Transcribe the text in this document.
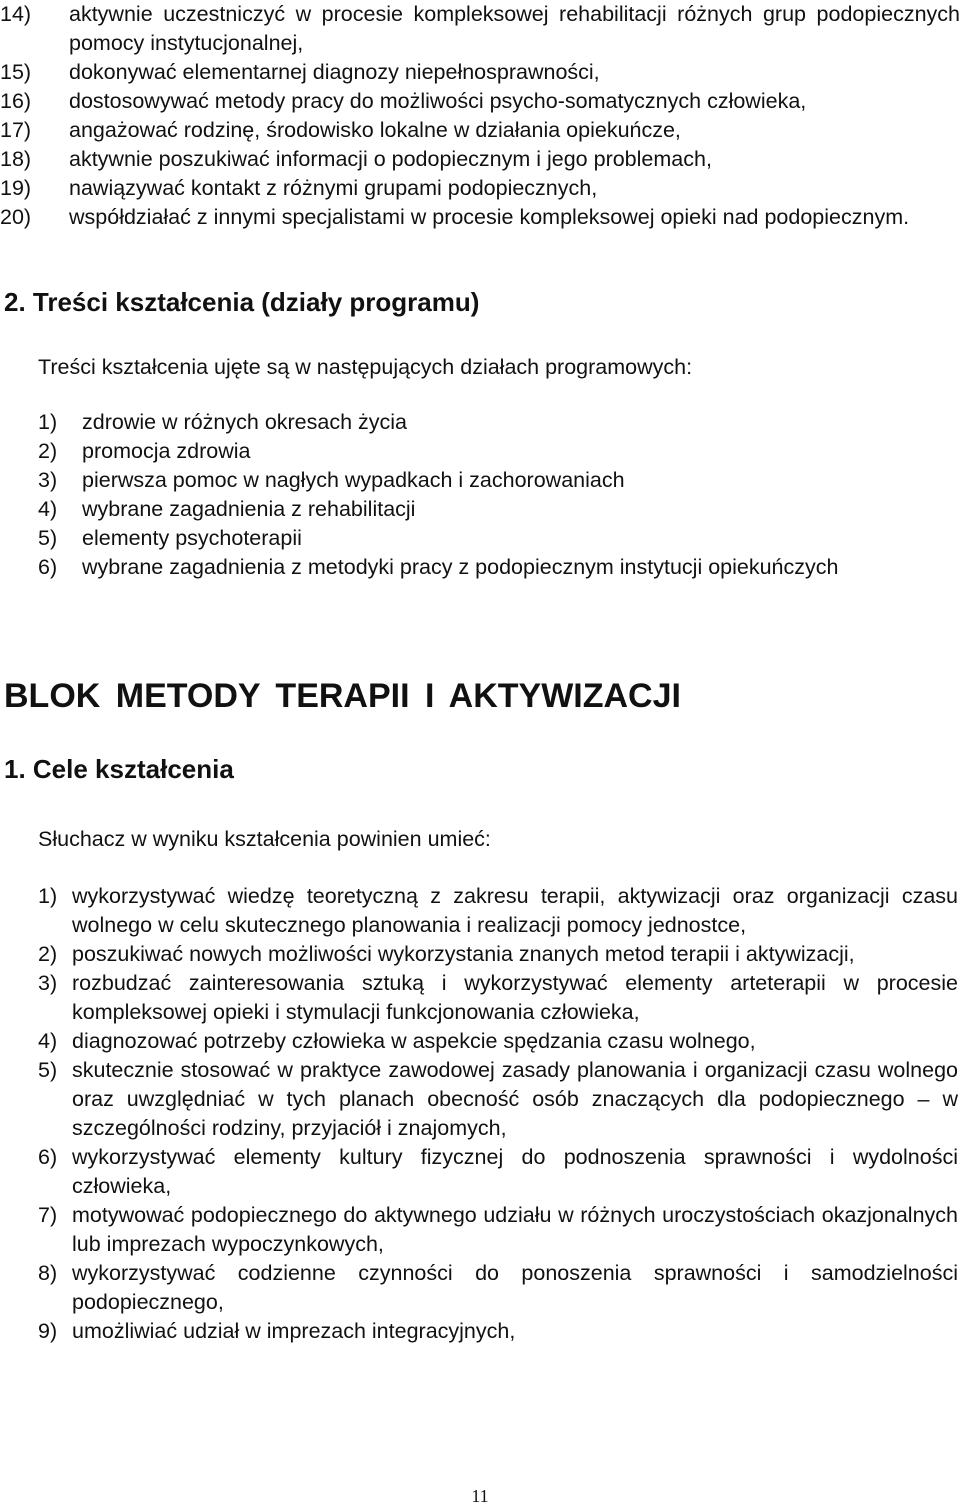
14) aktywnie uczestniczyć w procesie kompleksowej rehabilitacji różnych grup podopiecznych pomocy instytucjonalnej,
15) dokonywać elementarnej diagnozy niepełnosprawności,
16) dostosowywać metody pracy do możliwości psycho-somatycznych człowieka,
17) angażować rodzinę, środowisko lokalne w działania opiekuńcze,
18) aktywnie poszukiwać informacji o podopiecznym i jego problemach,
19) nawiązywać kontakt z różnymi grupami podopiecznych,
20) współdziałać z innymi specjalistami w procesie kompleksowej opieki nad podopiecznym.
2. Treści kształcenia (działy programu)
Treści kształcenia ujęte są w następujących działach programowych:
1) zdrowie w różnych okresach życia
2) promocja zdrowia
3) pierwsza pomoc w nagłych wypadkach i zachorowaniach
4) wybrane zagadnienia z rehabilitacji
5) elementy psychoterapii
6) wybrane zagadnienia z metodyki pracy z podopiecznym instytucji opiekuńczych
BLOK METODY TERAPII I AKTYWIZACJI
1. Cele kształcenia
Słuchacz w wyniku kształcenia powinien umieć:
1) wykorzystywać wiedzę teoretyczną z zakresu terapii, aktywizacji oraz organizacji czasu wolnego w celu skutecznego planowania i realizacji pomocy jednostce,
2) poszukiwać nowych możliwości wykorzystania znanych metod terapii i aktywizacji,
3) rozbudzać zainteresowania sztuką i wykorzystywać elementy arteterapii w procesie kompleksowej opieki i stymulacji funkcjonowania człowieka,
4) diagnozować potrzeby człowieka w aspekcie spędzania czasu wolnego,
5) skutecznie stosować w praktyce zawodowej zasady planowania i organizacji czasu wolnego oraz uwzględniać w tych planach obecność osób znaczących dla podopiecznego – w szczególności rodziny, przyjaciół i znajomych,
6) wykorzystywać elementy kultury fizycznej do podnoszenia sprawności i wydolności człowieka,
7) motywować podopiecznego do aktywnego udziału w różnych uroczystościach okazjonalnych lub imprezach wypoczynkowych,
8) wykorzystywać codzienne czynności do ponoszenia sprawności i samodzielności podopiecznego,
9) umożliwiać udział w imprezach integracyjnych,
11
